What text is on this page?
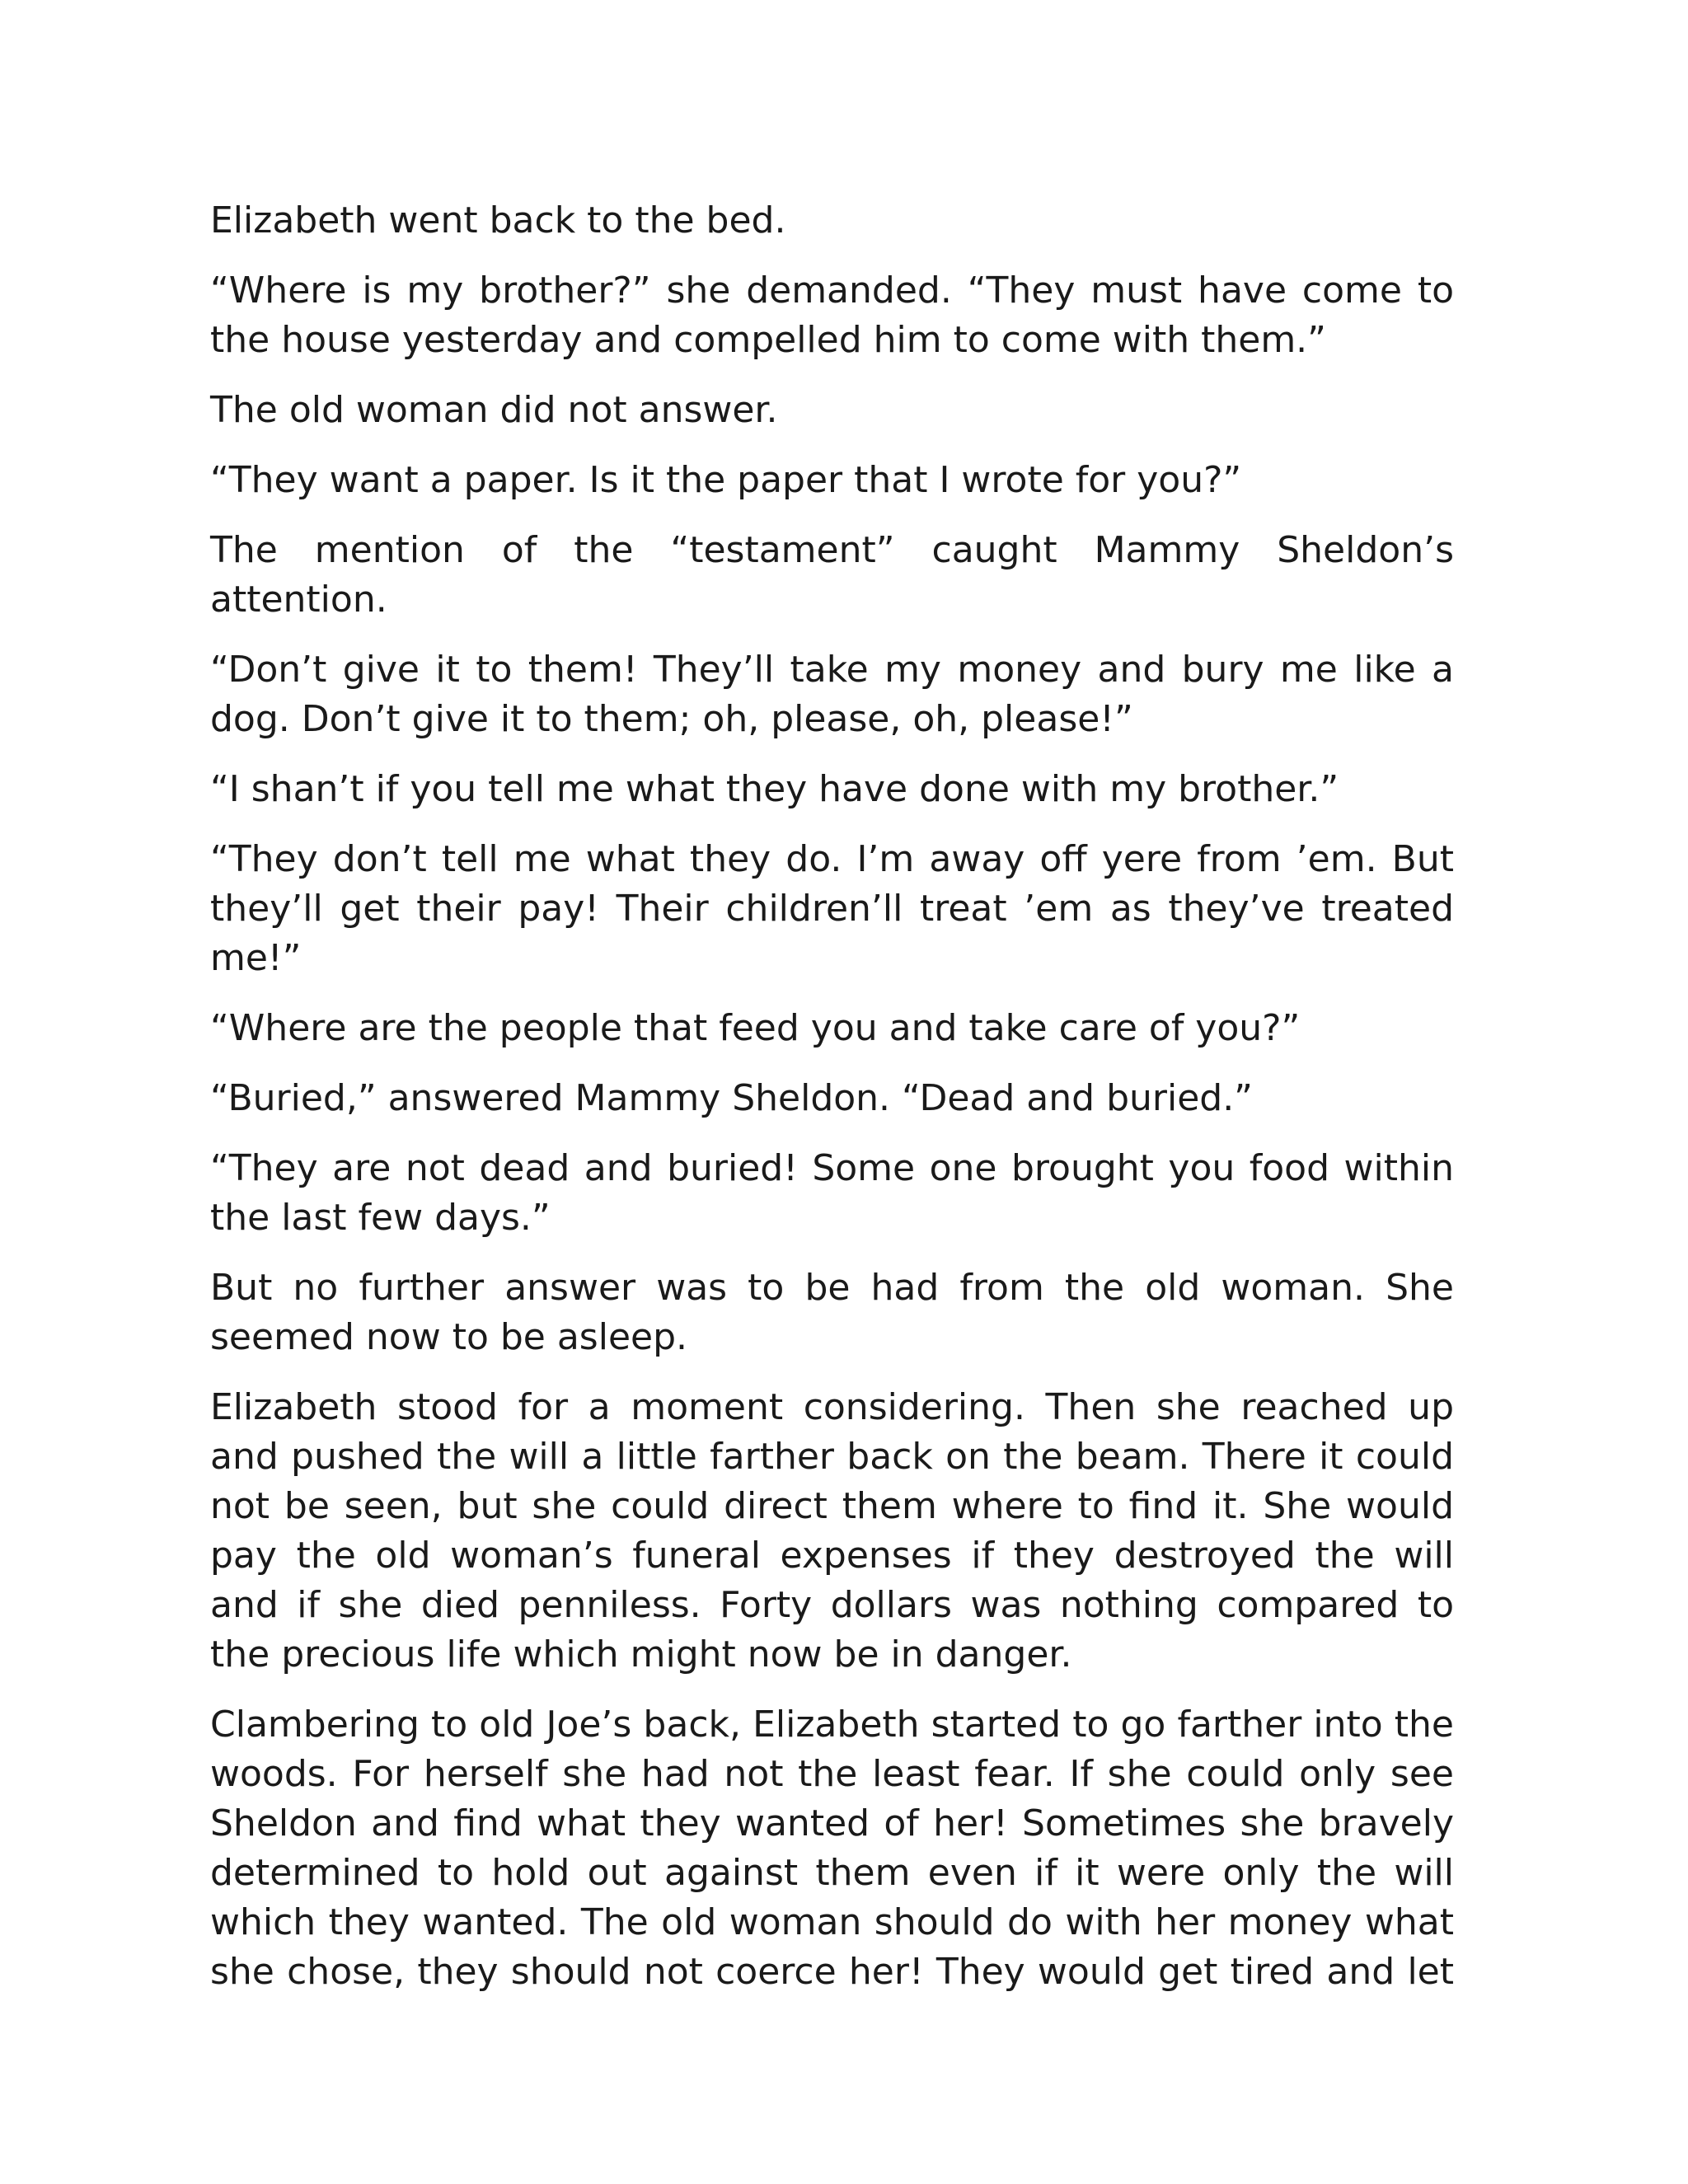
Elizabeth went back to the bed.

“Where is my brother?” she demanded. “They must have come to the house yesterday and compelled him to come with them.”

The old woman did not answer.

“They want a paper. Is it the paper that I wrote for you?”

The mention of the “testament” caught Mammy Sheldon’s attention.

“Don’t give it to them! They’ll take my money and bury me like a dog. Don’t give it to them; oh, please, oh, please!”

“I shan’t if you tell me what they have done with my brother.”

“They don’t tell me what they do. I’m away off yere from ’em. But they’ll get their pay! Their children’ll treat ’em as they’ve treated me!”

“Where are the people that feed you and take care of you?”

“Buried,” answered Mammy Sheldon. “Dead and buried.”

“They are not dead and buried! Some one brought you food within the last few days.”

But no further answer was to be had from the old woman. She seemed now to be asleep.

Elizabeth stood for a moment considering. Then she reached up and pushed the will a little farther back on the beam. There it could not be seen, but she could direct them where to find it. She would pay the old woman’s funeral expenses if they destroyed the will and if she died penniless. Forty dollars was nothing compared to the precious life which might now be in danger.

Clambering to old Joe’s back, Elizabeth started to go farther into the woods. For herself she had not the least fear. If she could only see Sheldon and find what they wanted of her! Sometimes she bravely determined to hold out against them even if it were only the will which they wanted. The old woman should do with her money what she chose, they should not coerce her! They would get tired and let
